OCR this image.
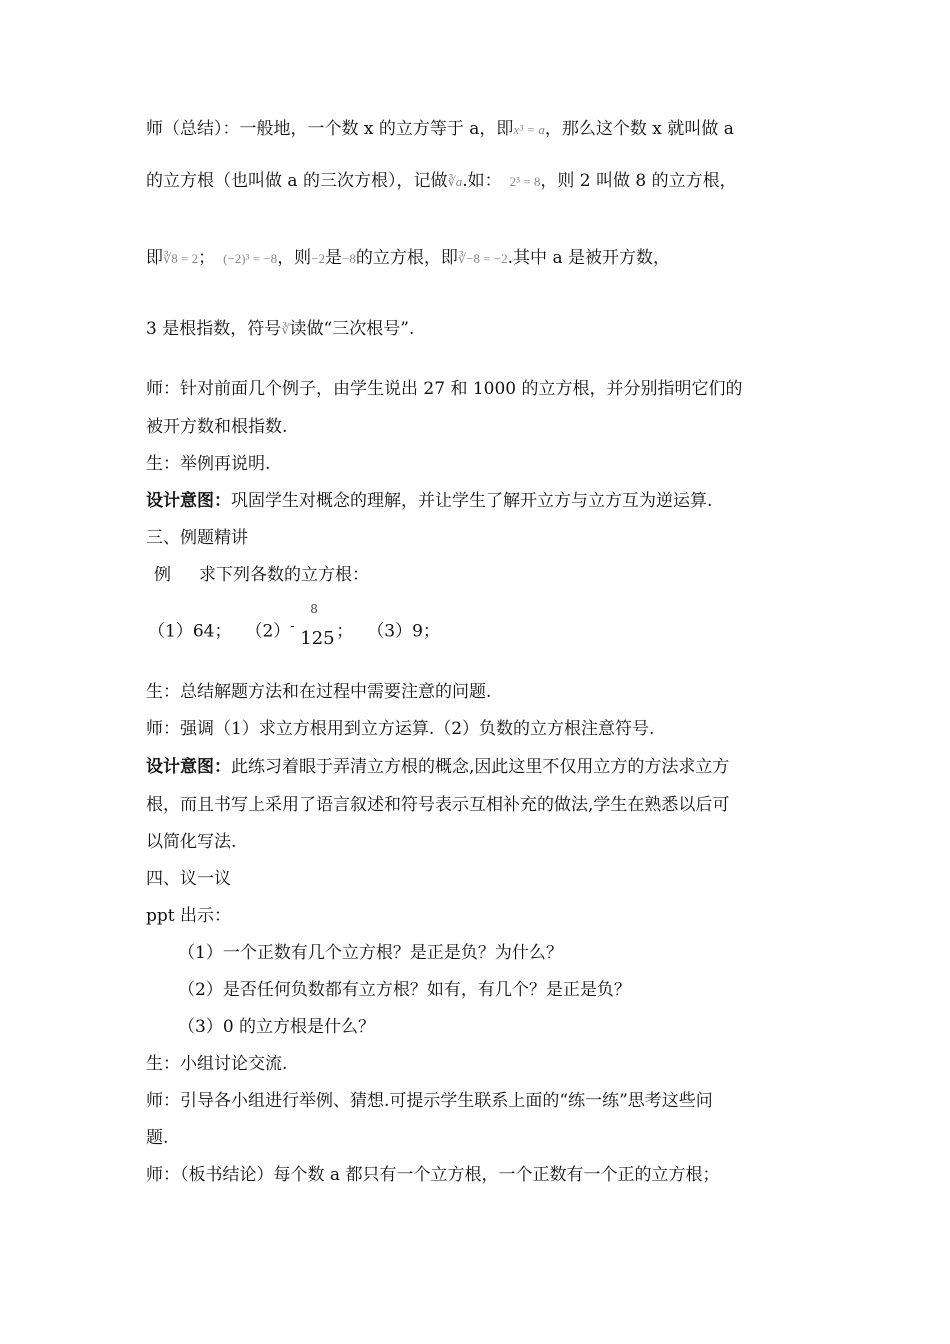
师（总结）：一般地，一个数 x 的立方等于 a，即x³ = a，那么这个数 x 就叫做 a
的立方根（也叫做 a 的三次方根），记做∛a.如： 2³ = 8，则 2 叫做 8 的立方根，
即∛8 = 2； (−2)³ = −8，则−2是−8的立方根，即∛−8 = −2.其中 a 是被开方数，
3 是根指数，符号∛读做“三次根号”.
师：针对前面几个例子，由学生说出 27 和 1000 的立方根，并分别指明它们的
被开方数和根指数.
生：举例再说明.
设计意图：巩固学生对概念的理解，并让学生了解开立方与立方互为逆运算.
三、例题精讲
例 求下列各数的立方根：
（1）64； （2） -
8
125 ； （3）9；
生：总结解题方法和在过程中需要注意的问题.
师：强调（1）求立方根用到立方运算.（2）负数的立方根注意符号.
设计意图：此练习着眼于弄清立方根的概念,因此这里不仅用立方的方法求立方
根，而且书写上采用了语言叙述和符号表示互相补充的做法,学生在熟悉以后可
以简化写法.
四、议一议
ppt 出示：
（1）一个正数有几个立方根？是正是负？为什么？
（2）是否任何负数都有立方根？如有，有几个？是正是负？
（3）0 的立方根是什么？
生：小组讨论交流.
师：引导各小组进行举例、猜想.可提示学生联系上面的“练一练”思考这些问
题.
师：（板书结论）每个数 a 都只有一个立方根，一个正数有一个正的立方根；
